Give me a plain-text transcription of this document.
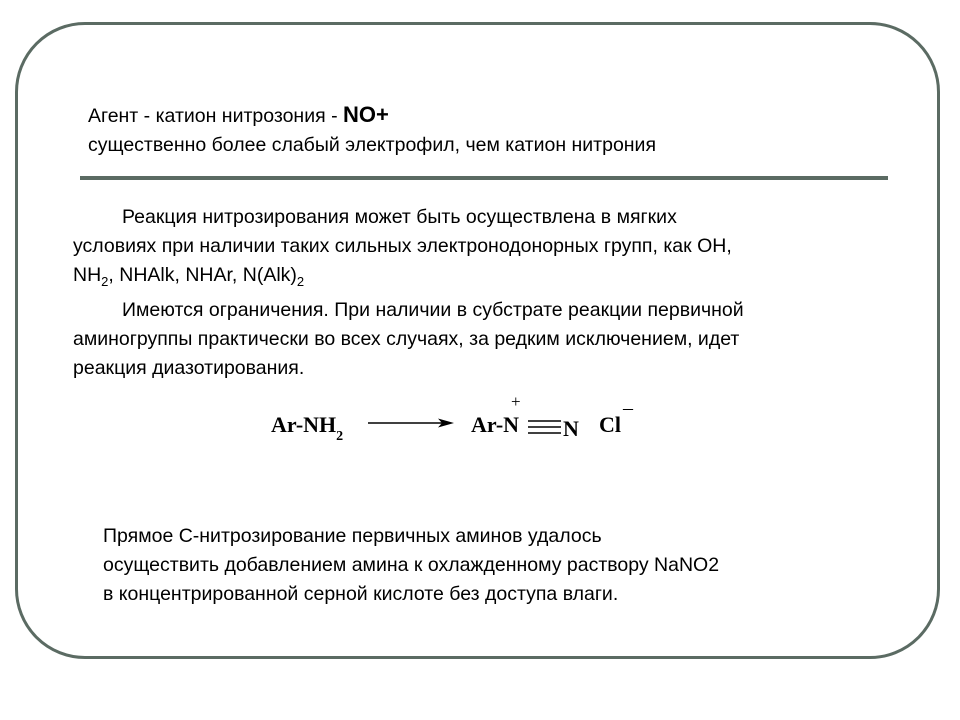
Агент - катион нитрозония - NO+
существенно более слабый электрофил, чем катион нитрония
Реакция нитрозирования может быть осуществлена в мягких
условиях при наличии таких сильных электронодонорных групп, как ОН,
$NH_2$, NHAlk, NHAr, $N(Alk)_2$
Имеются ограничения. При наличии в субстрате реакции первичной
аминогруппы практически во всех случаях, за редким исключением, идет
реакция диазотирования.
$Ar-NH_2$	Ar-N
+
N Cl
–
Прямое С-нитрозирование первичных аминов удалось
осуществить добавлением амина к охлажденному раствору NaNO2
в концентрированной серной кислоте без доступа влаги.
